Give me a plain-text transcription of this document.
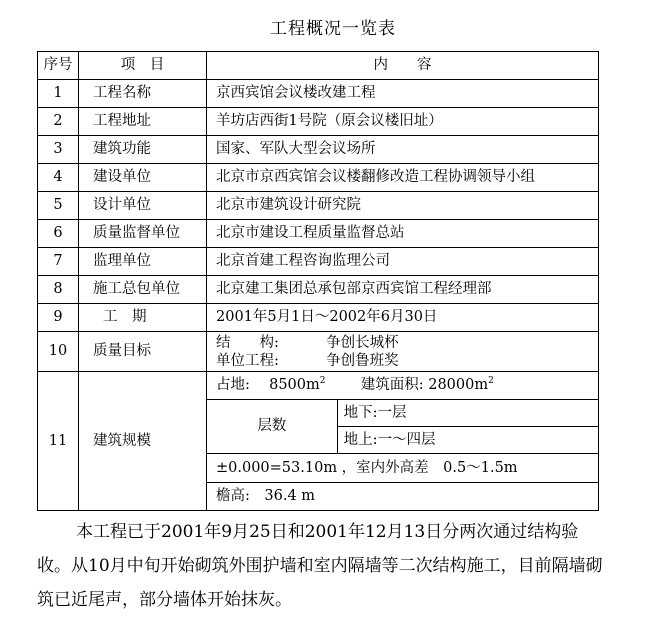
工程概况一览表
序号	项　目	内　　容	
1	工程名称	京西宾馆会议楼改建工程	
2	工程地址	羊坊店西街1号院（原会议楼旧址）	
3	建筑功能	国家、军队大型会议场所	
4	建设单位	北京市京西宾馆会议楼翻修改造工程协调领导小组	
5	设计单位	北京市建筑设计研究院	
6	质量监督单位	北京市建设工程质量监督总站	
7	监理单位	北京首建工程咨询监理公司	
8	施工总包单位	北京建工集团总承包部京西宾馆工程经理部	
9	工　期	2001年5月1日～2002年6月30日	
10	质量目标	结　　构: 争创长城杯
单位工程: 争创鲁班奖	

11	建筑规模	占地: $8500m^2$ 建筑面积: $28000m^2$
		层数	地下:一层
			地上:一～四层
		±0.000=53.10m ，室内外高差　0.5～1.5m	
		檐高:　36.4 m	
本工程已于2001年9月25日和2001年12月13日分两次通过结构验收。从10月中旬开始砌筑外围护墙和室内隔墙等二次结构施工，目前隔墙砌筑已近尾声，部分墙体开始抹灰。
